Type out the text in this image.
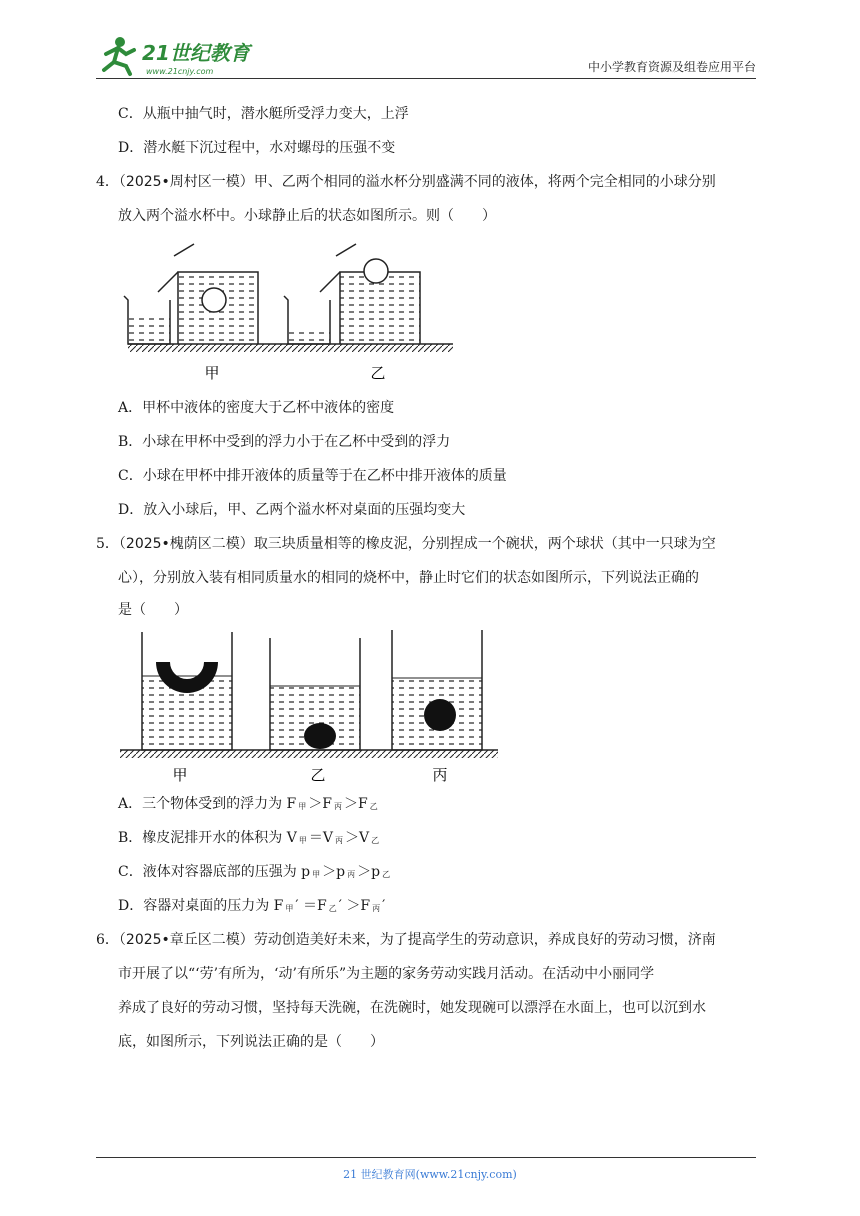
21世纪教育
www.21cnjy.com	中小学教育资源及组卷应用平台
C．从瓶中抽气时，潜水艇所受浮力变大，上浮
D．潜水艇下沉过程中，水对螺母的压强不变
4．（2025•周村区一模）甲、乙两个相同的溢水杯分别盛满不同的液体，将两个完全相同的小球分别
放入两个溢水杯中。小球静止后的状态如图所示。则（　　）
甲	乙
A．甲杯中液体的密度大于乙杯中液体的密度
B．小球在甲杯中受到的浮力小于在乙杯中受到的浮力
C．小球在甲杯中排开液体的质量等于在乙杯中排开液体的质量
D．放入小球后，甲、乙两个溢水杯对桌面的压强均变大
5．（2025•槐荫区二模）取三块质量相等的橡皮泥，分别捏成一个碗状，两个球状（其中一只球为空
心），分别放入装有相同质量水的相同的烧杯中，静止时它们的状态如图所示，下列说法正确的
是（　　）
甲	乙	丙
A．三个物体受到的浮力为 F 甲 ＞F 丙 ＞F 乙
B．橡皮泥排开水的体积为 V 甲 ＝V 丙 ＞V 乙
C．液体对容器底部的压强为 p 甲 ＞p 丙 ＞p 乙
D．容器对桌面的压力为 F 甲 ′ ＝F 乙 ′ ＞F 丙 ′
6．（2025•章丘区二模）劳动创造美好未来，为了提高学生的劳动意识，养成良好的劳动习惯，济南
市开展了以“‘劳’有所为，‘动’有所乐”为主题的家务劳动实践月活动。在活动中小丽同学
养成了良好的劳动习惯，坚持每天洗碗，在洗碗时，她发现碗可以漂浮在水面上，也可以沉到水
底，如图所示，下列说法正确的是（　　）
21 世纪教育网(www.21cnjy.com)
